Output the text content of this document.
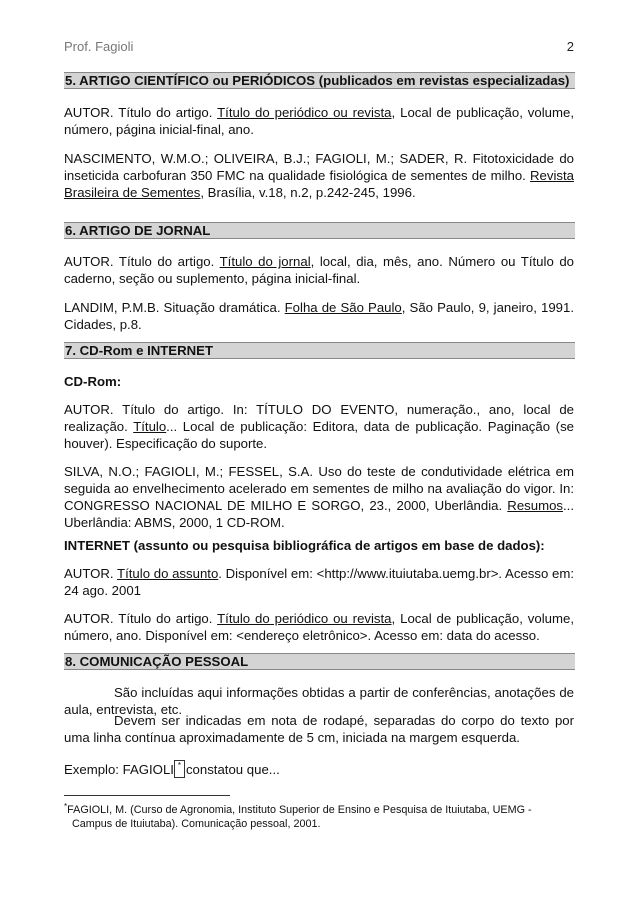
Prof. Fagioli	2
5. ARTIGO CIENTÍFICO ou PERIÓDICOS (publicados em revistas especializadas)
AUTOR. Título do artigo. Título do periódico ou revista, Local de publicação, volume, número, página inicial-final, ano.
NASCIMENTO, W.M.O.; OLIVEIRA, B.J.; FAGIOLI, M.; SADER, R. Fitotoxicidade do inseticida carbofuran 350 FMC na qualidade fisiológica de sementes de milho. Revista Brasileira de Sementes, Brasília, v.18, n.2, p.242-245, 1996.
6. ARTIGO DE JORNAL
AUTOR. Título do artigo. Título do jornal, local, dia, mês, ano. Número ou Título do caderno, seção ou suplemento, página inicial-final.
LANDIM, P.M.B. Situação dramática. Folha de São Paulo, São Paulo, 9, janeiro, 1991. Cidades, p.8.
7. CD-Rom e INTERNET
CD-Rom:
AUTOR. Título do artigo. In: TÍTULO DO EVENTO, numeração., ano, local de realização. Título... Local de publicação: Editora, data de publicação. Paginação (se houver). Especificação do suporte.
SILVA, N.O.; FAGIOLI, M.; FESSEL, S.A. Uso do teste de condutividade elétrica em seguida ao envelhecimento acelerado em sementes de milho na avaliação do vigor. In: CONGRESSO NACIONAL DE MILHO E SORGO, 23., 2000, Uberlândia. Resumos... Uberlândia: ABMS, 2000, 1 CD-ROM.
INTERNET (assunto ou pesquisa bibliográfica de artigos em base de dados):
AUTOR. Título do assunto. Disponível em: <http://www.ituiutaba.uemg.br>. Acesso em: 24 ago. 2001
AUTOR. Título do artigo. Título do periódico ou revista, Local de publicação, volume, número, ano. Disponível em: <endereço eletrônico>. Acesso em: data do acesso.
8. COMUNICAÇÃO PESSOAL
São incluídas aqui informações obtidas a partir de conferências, anotações de aula, entrevista, etc.
Devem ser indicadas em nota de rodapé, separadas do corpo do texto por uma linha contínua aproximadamente de 5 cm, iniciada na margem esquerda.
Exemplo: FAGIOLI * constatou que...
*FAGIOLI, M. (Curso de Agronomia, Instituto Superior de Ensino e Pesquisa de Ituiutaba, UEMG -
Campus de Ituiutaba). Comunicação pessoal, 2001.
